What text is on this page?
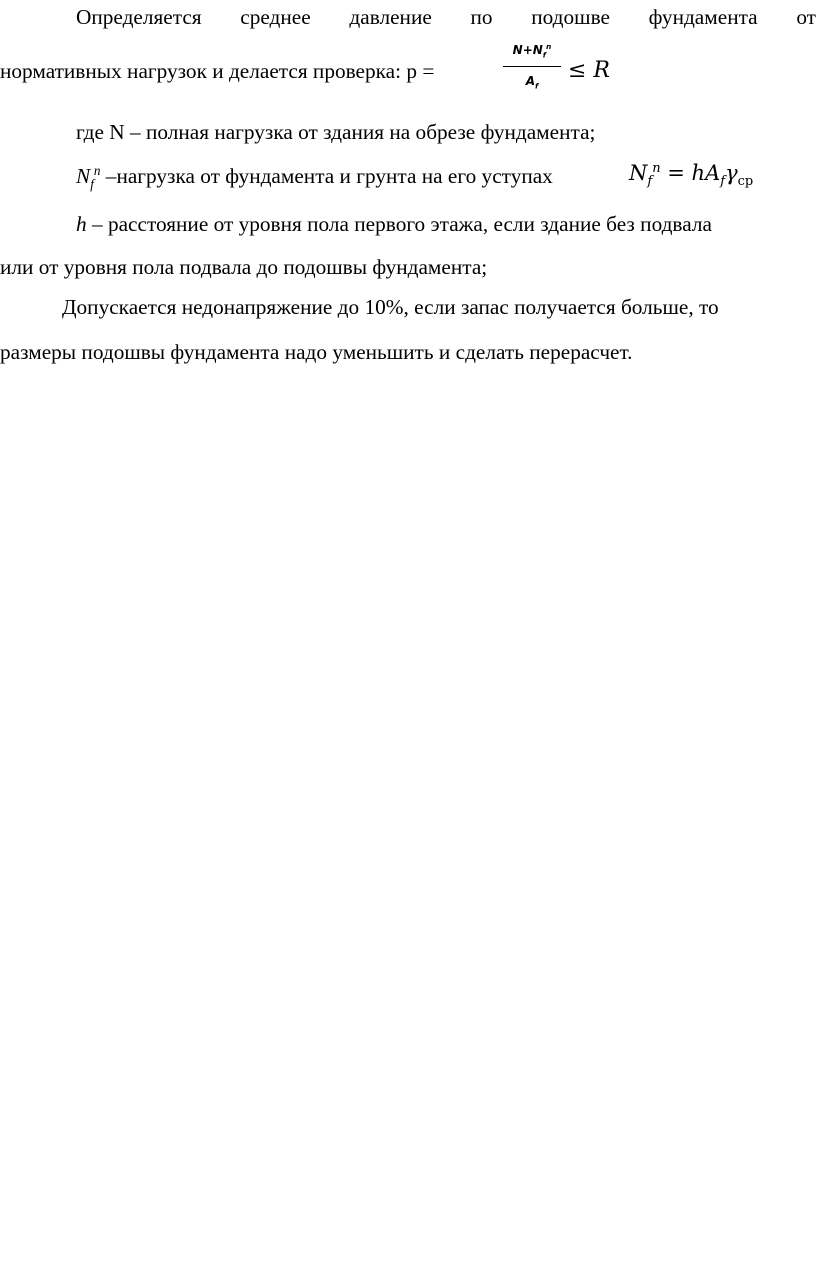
Определяется среднее давление по подошве фундамента от
нормативных нагрузок и делается проверка: p =
$N+N_f^n$
$A_f$
≤ R
где N – полная нагрузка от здания на обрезе фундамента;
$N_f^n$ –нагрузка от фундамента и грунта на его уступах	$N_f^n = hA_f\gamma_{ср}$
h – расстояние от уровня пола первого этажа, если здание без подвала
или от уровня пола подвала до подошвы фундамента;
Допускается недонапряжение до 10%, если запас получается больше, то
размеры подошвы фундамента надо уменьшить и сделать перерасчет.
